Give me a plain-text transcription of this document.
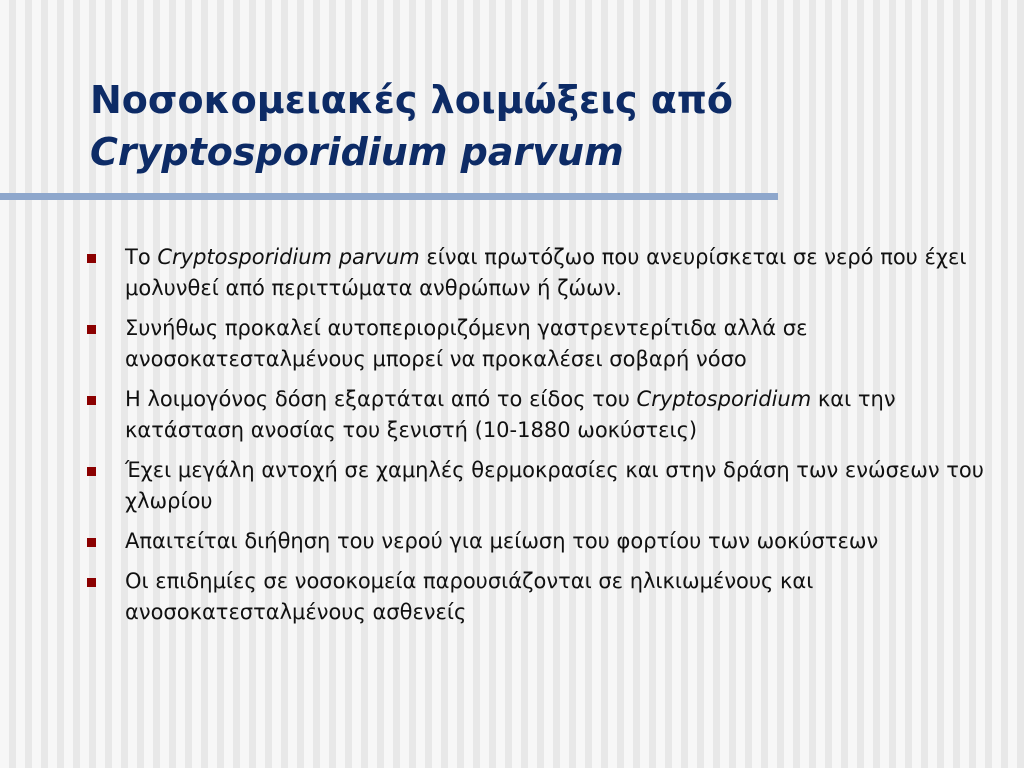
Νοσοκομειακές λοιμώξεις από
Cryptosporidium parvum
Το Cryptosporidium parvum είναι πρωτόζωο που ανευρίσκεται σε νερό που έχει μολυνθεί από περιττώματα ανθρώπων ή ζώων.
Συνήθως προκαλεί αυτοπεριοριζόμενη γαστρεντερίτιδα αλλά σε ανοσοκατεσταλμένους μπορεί να προκαλέσει σοβαρή νόσο
Η λοιμογόνος δόση εξαρτάται από το είδος του Cryptosporidium και την κατάσταση ανοσίας του ξενιστή (10-1880 ωοκύστεις)
Έχει μεγάλη αντοχή σε χαμηλές θερμοκρασίες και στην δράση των ενώσεων του χλωρίου
Απαιτείται διήθηση του νερού για μείωση του φορτίου των ωοκύστεων
Οι επιδημίες σε νοσοκομεία παρουσιάζονται σε ηλικιωμένους και ανοσοκατεσταλμένους ασθενείς
